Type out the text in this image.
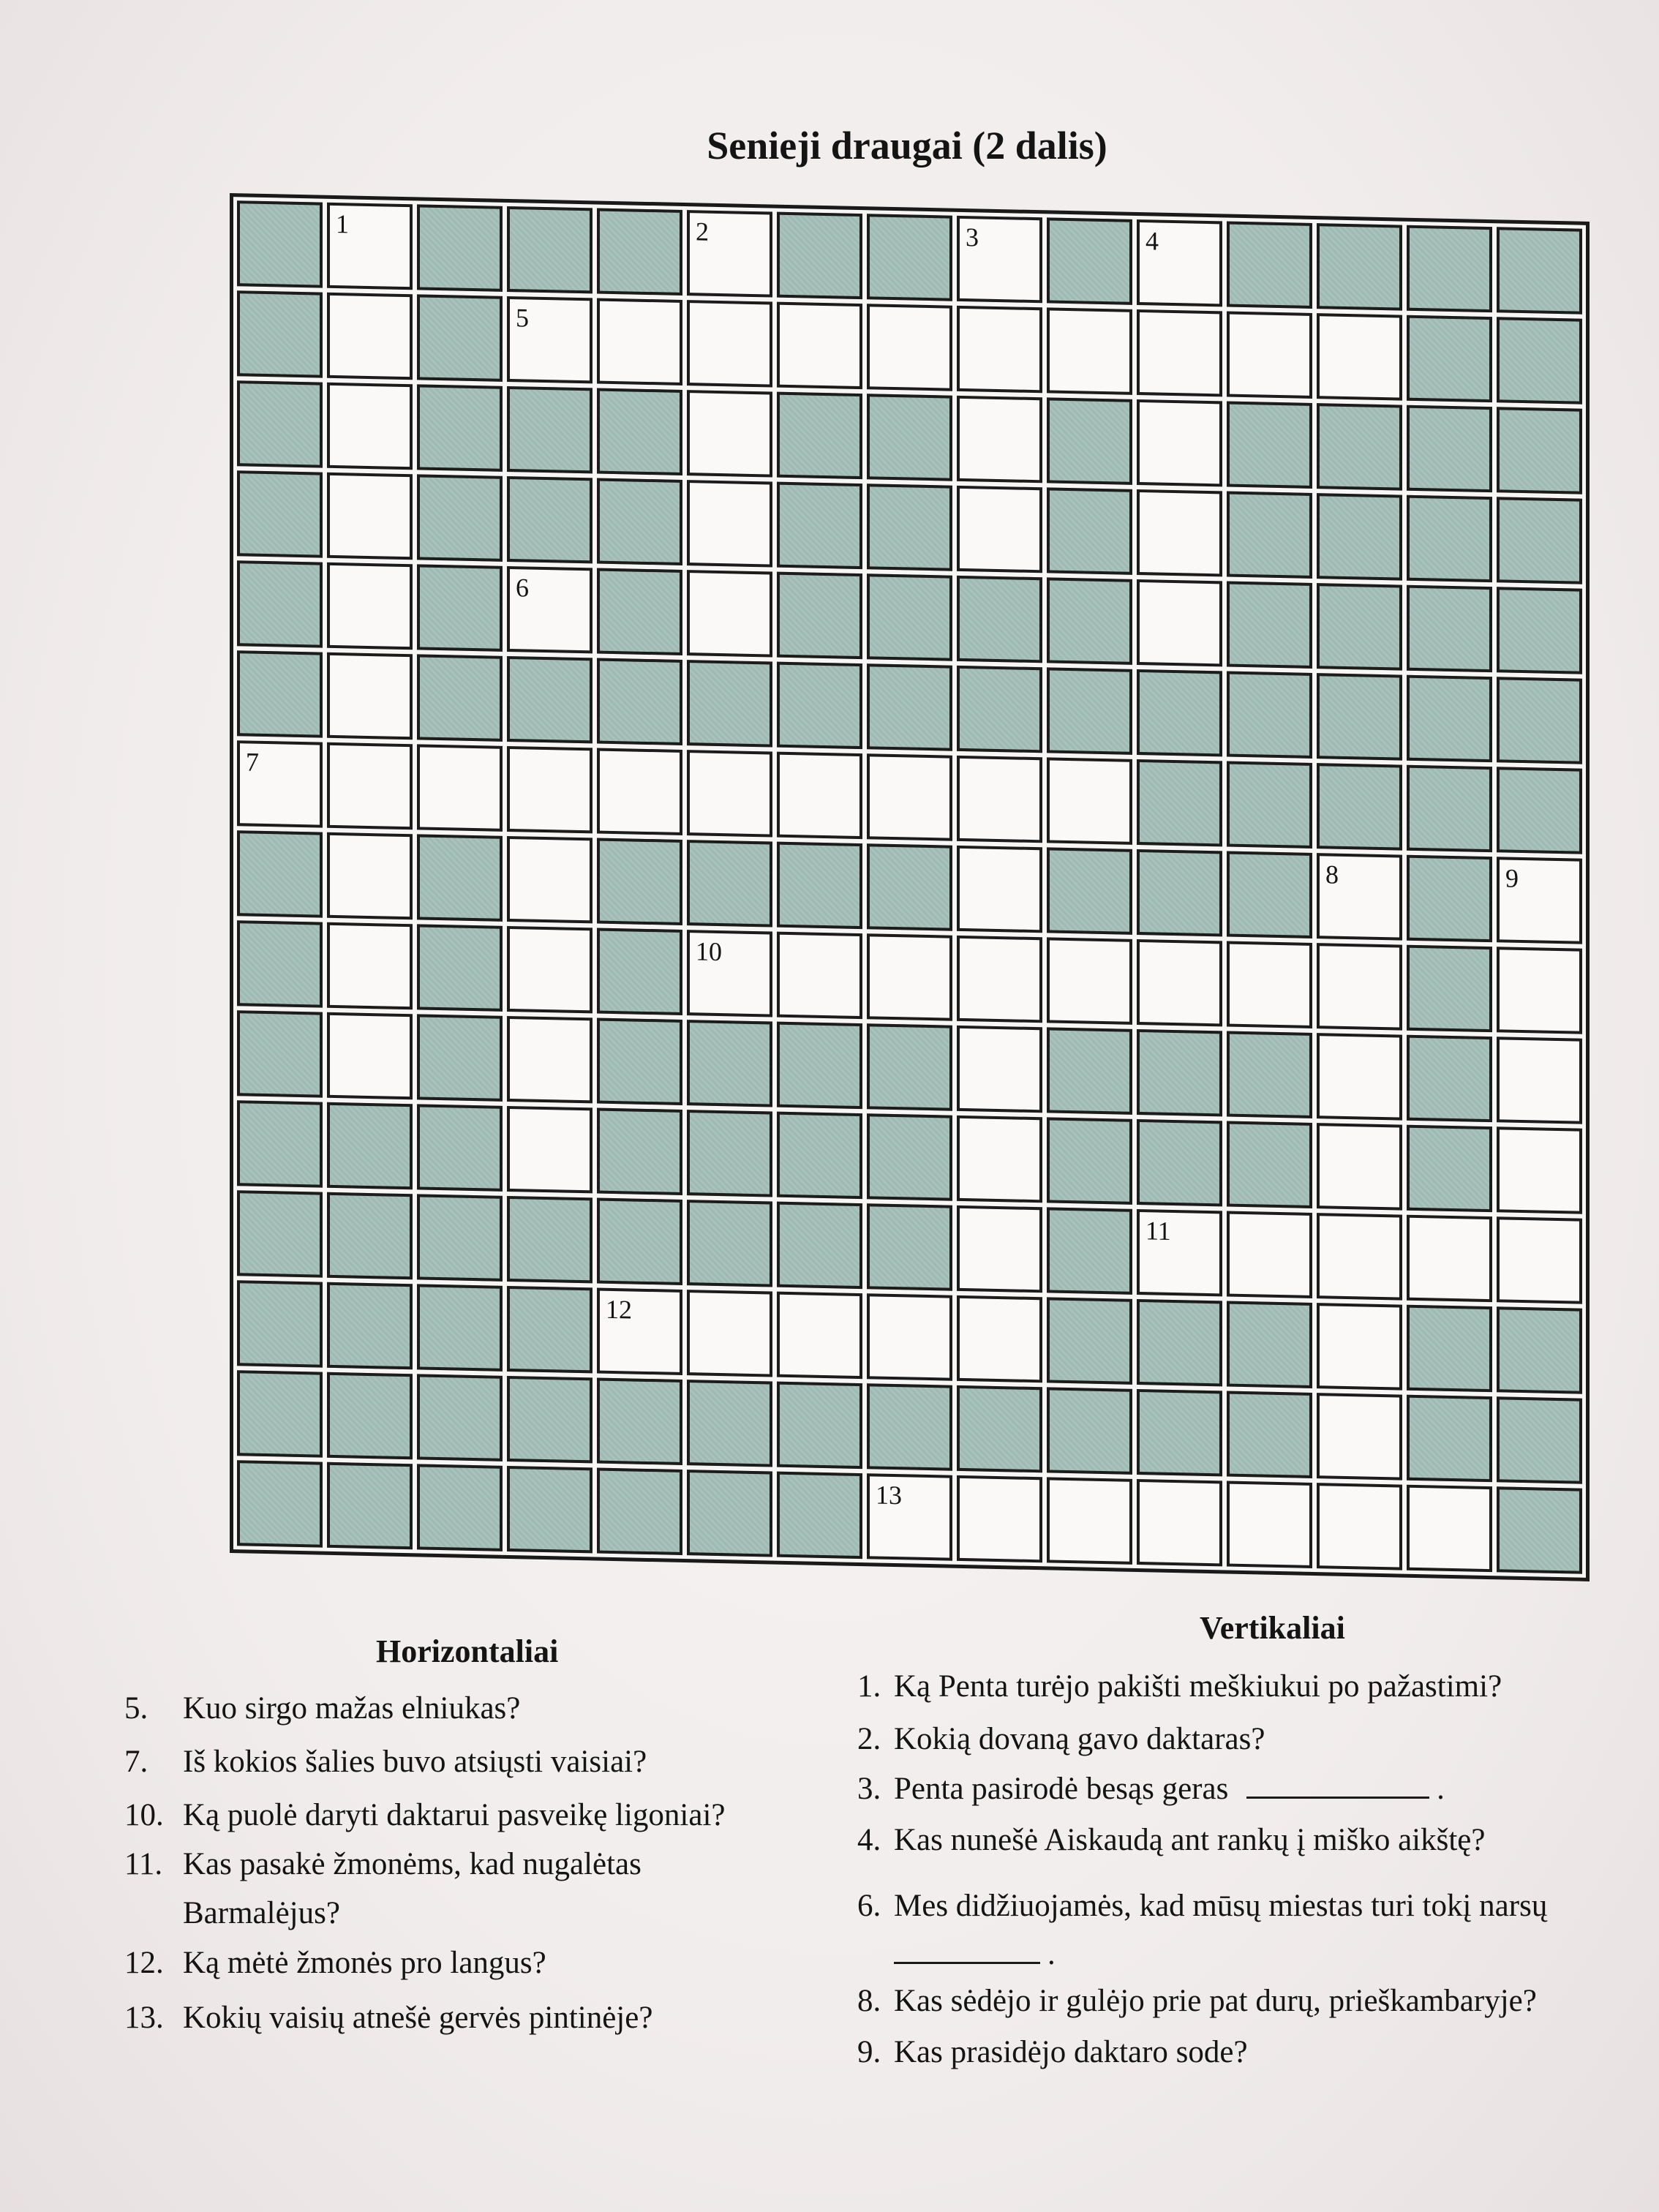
Senieji draugai (2 dalis)
1	2	3	4
5
6
7
8	9
10
11
12
13
Horizontaliai
5. Kuo sirgo mažas elniukas?
7. Iš kokios šalies buvo atsiųsti vaisiai?
10. Ką puolė daryti daktarui pasveikę ligoniai?
11. Kas pasakė žmonėms, kad nugalėtas
Barmalėjus?
12. Ką mėtė žmonės pro langus?
13. Kokių vaisių atnešė gervės pintinėje?
Vertikaliai
1. Ką Penta turėjo pakišti meškiukui po pažastimi?
2. Kokią dovaną gavo daktaras?
3. Penta pasirodė besąs geras	.
4. Kas nunešė Aiskaudą ant rankų į miško aikštę?
6. Mes didžiuojamės, kad mūsų miestas turi tokį narsų
.
8. Kas sėdėjo ir gulėjo prie pat durų, prieškambaryje?
9. Kas prasidėjo daktaro sode?
